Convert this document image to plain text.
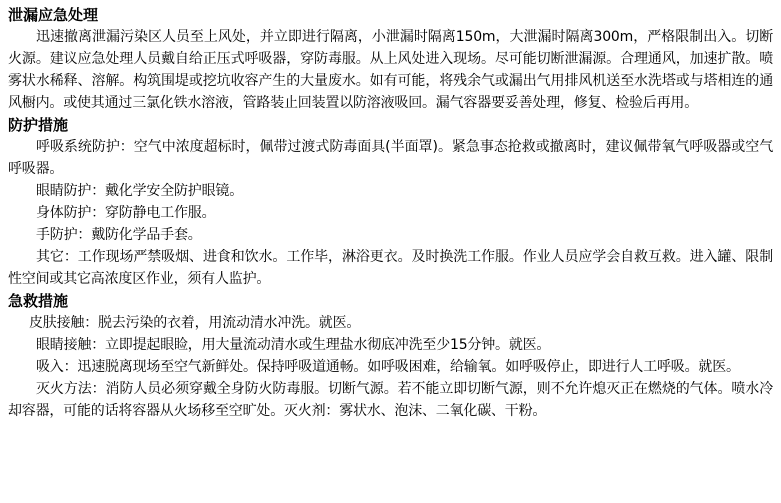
泄漏应急处理

迅速撤离泄漏污染区人员至上风处，并立即进行隔离，小泄漏时隔离150m，大泄漏时隔离300m，严格限制出入。切断火源。建议应急处理人员戴自给正压式呼吸器，穿防毒服。从上风处进入现场。尽可能切断泄漏源。合理通风，加速扩散。喷雾状水稀释、溶解。构筑围堤或挖坑收容产生的大量废水。如有可能，将残余气或漏出气用排风机送至水洗塔或与塔相连的通风橱内。或使其通过三氯化铁水溶液，管路装止回装置以防溶液吸回。漏气容器要妥善处理，修复、检验后再用。

防护措施

呼吸系统防护：空气中浓度超标时，佩带过渡式防毒面具(半面罩)。紧急事态抢救或撤离时，建议佩带氧气呼吸器或空气呼吸器。

眼睛防护：戴化学安全防护眼镜。

身体防护：穿防静电工作服。

手防护：戴防化学品手套。

其它：工作现场严禁吸烟、进食和饮水。工作毕，淋浴更衣。及时换洗工作服。作业人员应学会自救互救。进入罐、限制性空间或其它高浓度区作业，须有人监护。

急救措施

皮肤接触：脱去污染的衣着，用流动清水冲洗。就医。

眼睛接触：立即提起眼睑，用大量流动清水或生理盐水彻底冲洗至少15分钟。就医。

吸入：迅速脱离现场至空气新鲜处。保持呼吸道通畅。如呼吸困难，给输氧。如呼吸停止，即进行人工呼吸。就医。

灭火方法：消防人员必须穿戴全身防火防毒服。切断气源。若不能立即切断气源，则不允许熄灭正在燃烧的气体。喷水冷却容器，可能的话将容器从火场移至空旷处。灭火剂：雾状水、泡沫、二氧化碳、干粉。
